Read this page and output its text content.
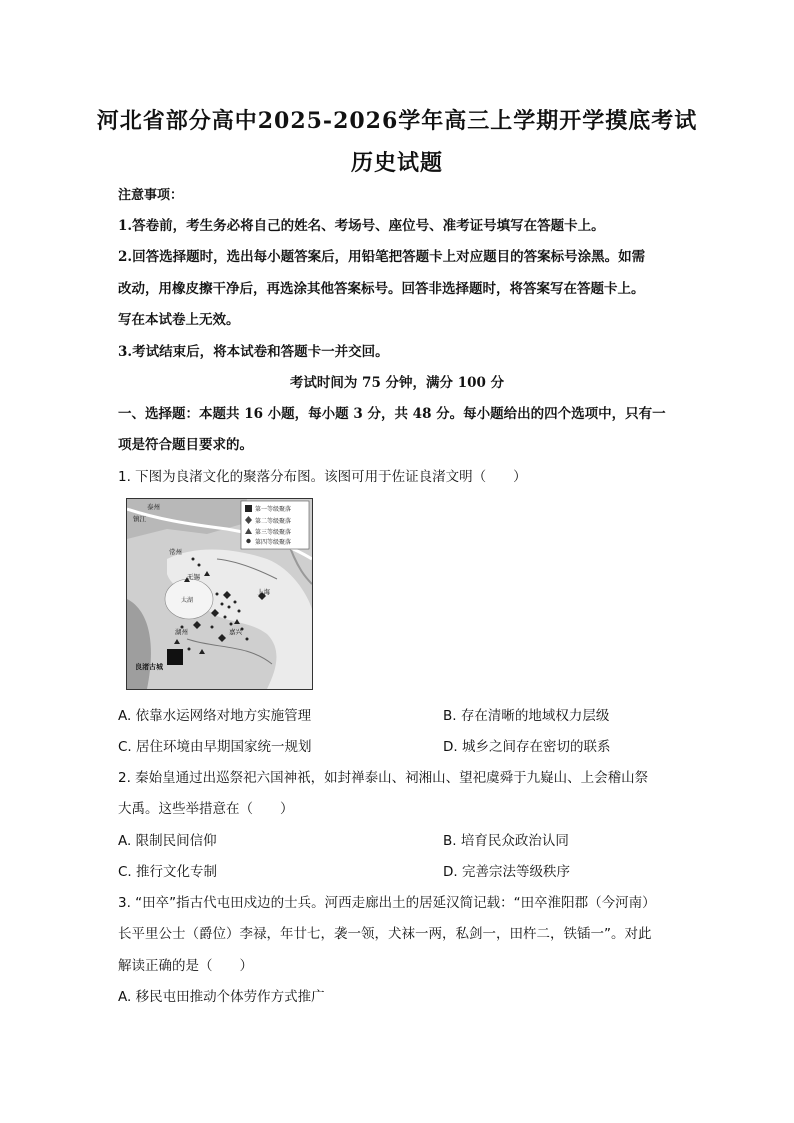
河北省部分高中2025-2026学年高三上学期开学摸底考试
历史试题
注意事项：
1.答卷前，考生务必将自己的姓名、考场号、座位号、准考证号填写在答题卡上。
2.回答选择题时，选出每小题答案后，用铅笔把答题卡上对应题目的答案标号涂黑。如需
改动，用橡皮擦干净后，再选涂其他答案标号。回答非选择题时，将答案写在答题卡上。
写在本试卷上无效。
3.考试结束后，将本试卷和答题卡一并交回。
考试时间为 75 分钟，满分 100 分
一、选择题：本题共 16 小题，每小题 3 分，共 48 分。每小题给出的四个选项中，只有一
项是符合题目要求的。
1. 下图为良渚文化的聚落分布图。该图可用于佐证良渚文明（　　）
第一等级聚落
第二等级聚落
第三等级聚落
第四等级聚落
泰州
镇江
常州
无锡
太湖
上海
嘉兴
湖州
良渚古城
A. 依靠水运网络对地方实施管理	B. 存在清晰的地域权力层级
C. 居住环境由早期国家统一规划	D. 城乡之间存在密切的联系
2. 秦始皇通过出巡祭祀六国神祇，如封禅泰山、祠湘山、望祀虞舜于九嶷山、上会稽山祭
大禹。这些举措意在（　　）
A. 限制民间信仰	B. 培育民众政治认同
C. 推行文化专制	D. 完善宗法等级秩序
3. “田卒”指古代屯田戍边的士兵。河西走廊出土的居延汉简记载：“田卒淮阳郡（今河南）
长平里公士（爵位）李禄，年廿七，袭一领，犬袜一两，私剑一，田杵二，铁锸一”。对此
解读正确的是（　　）
A. 移民屯田推动个体劳作方式推广
